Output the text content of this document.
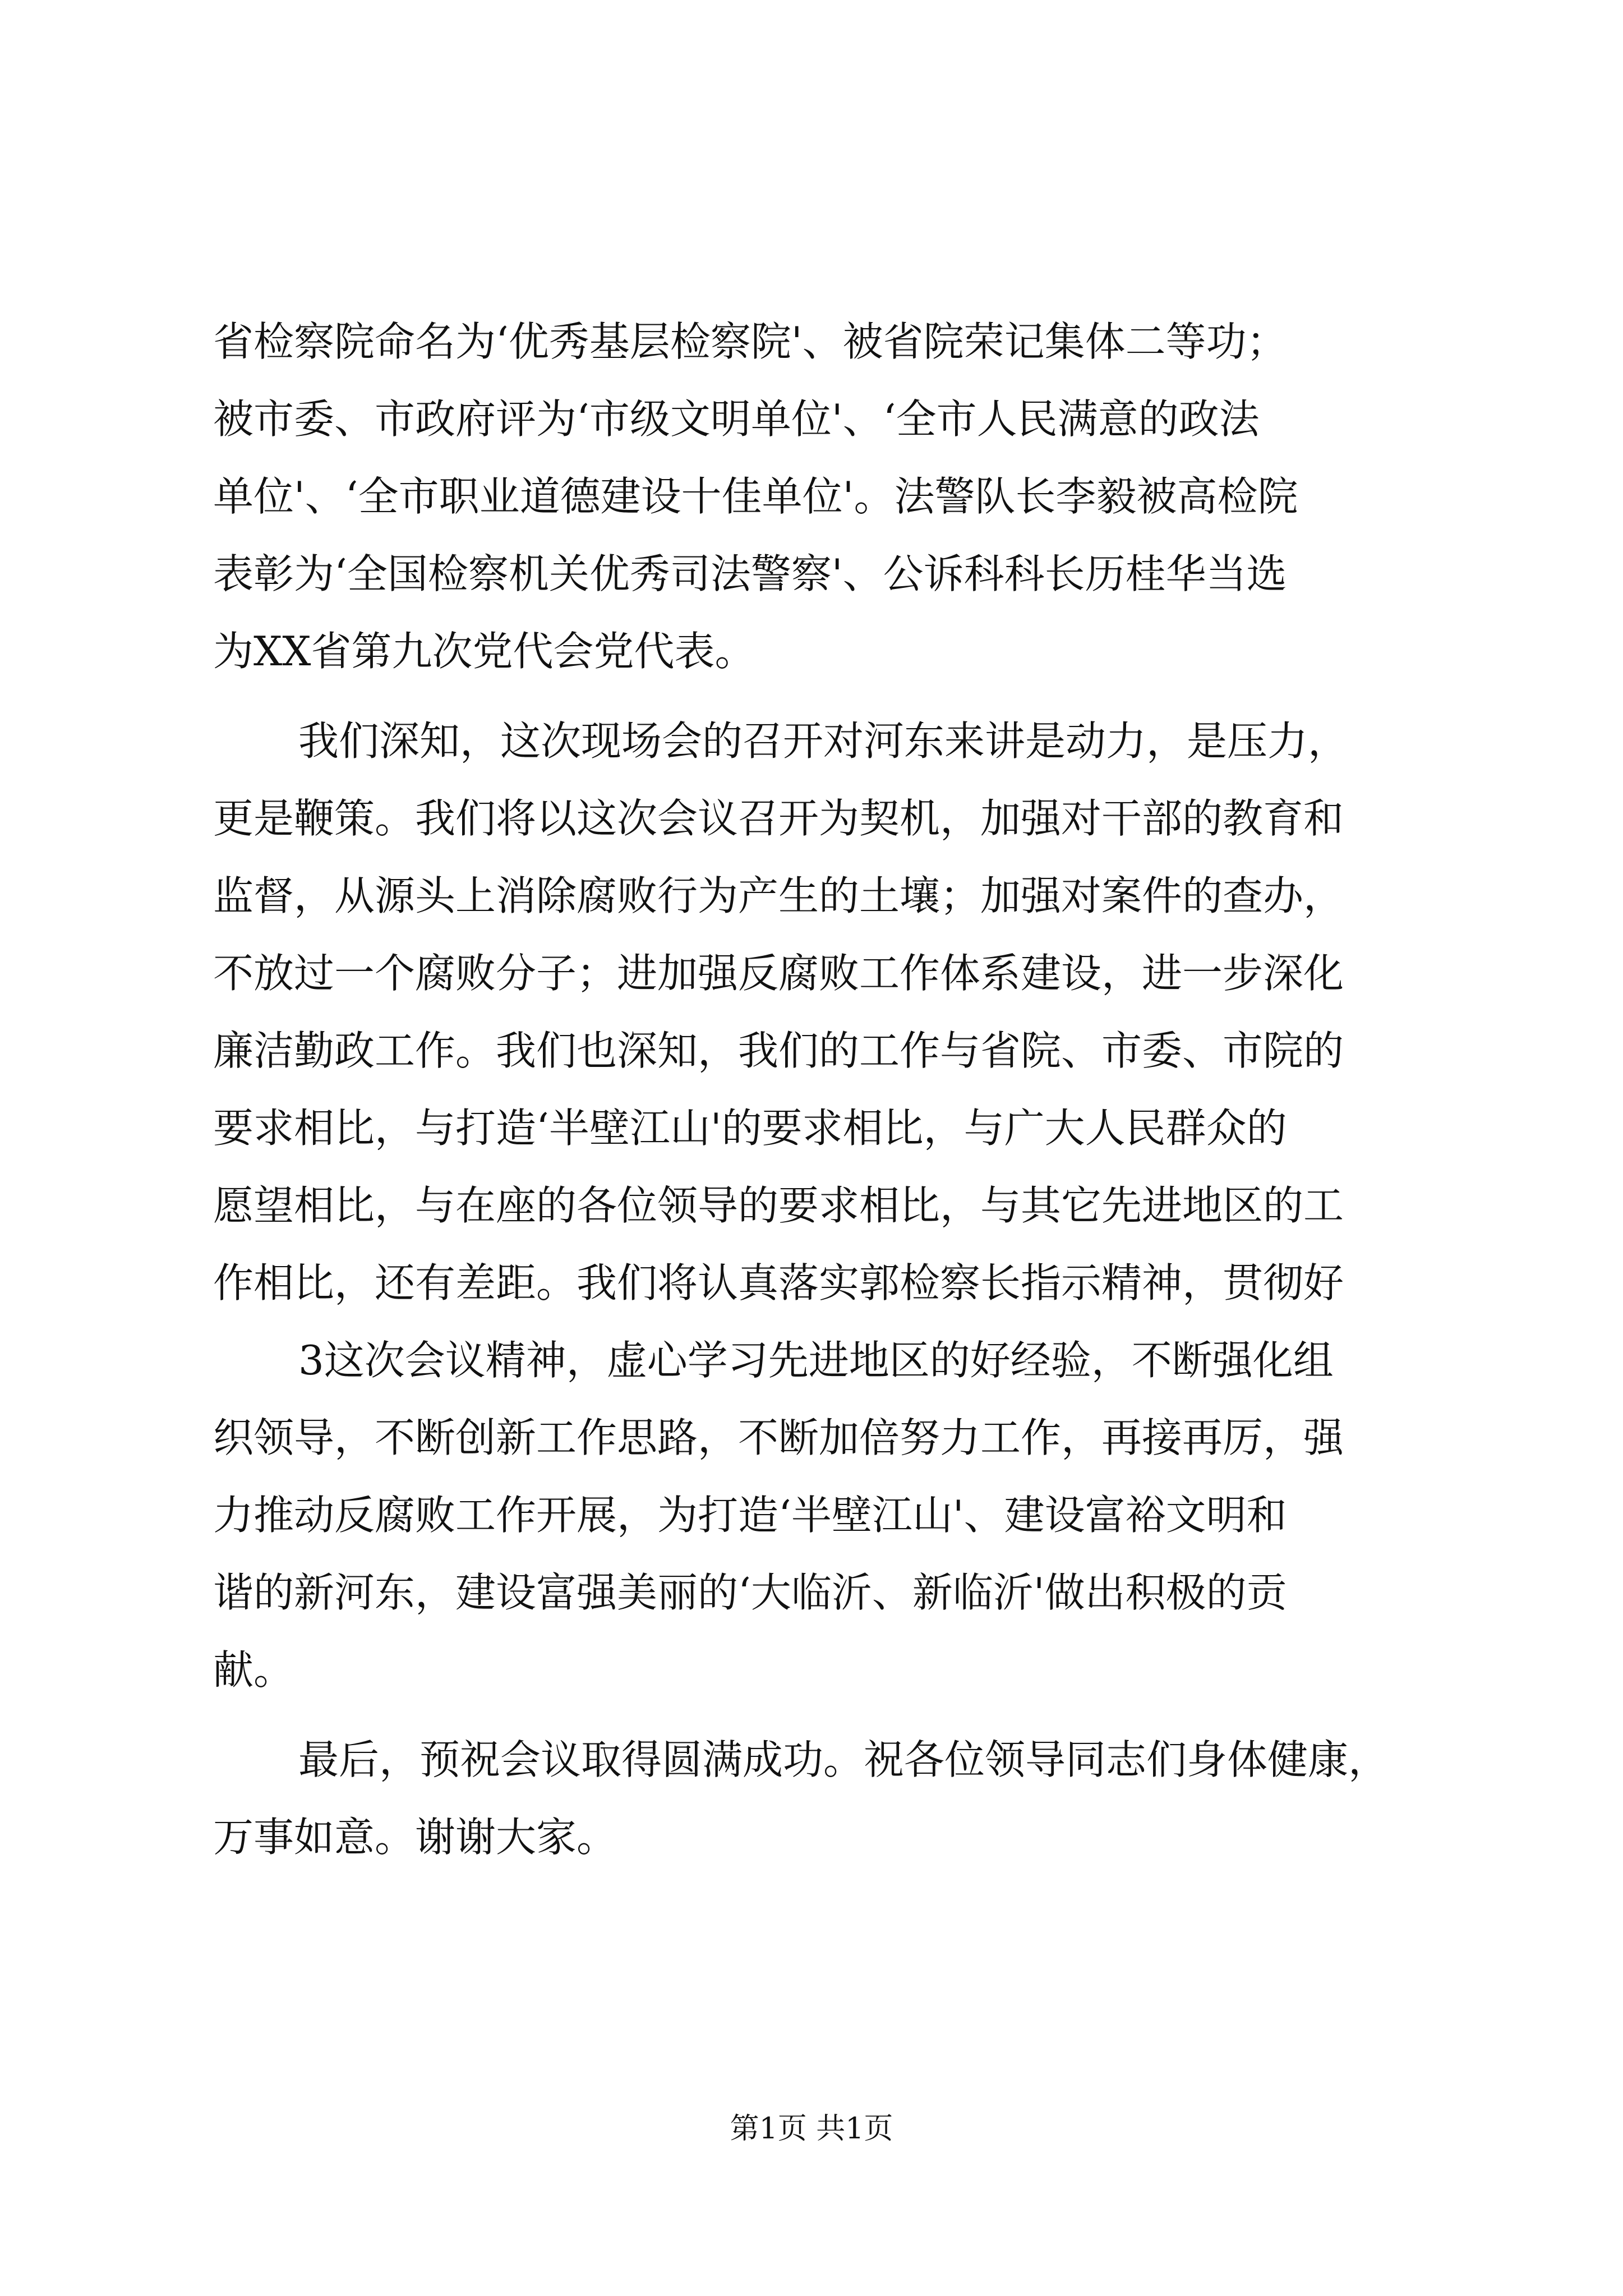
省检察院命名为‘优秀基层检察院'、被省院荣记集体二等功；

被市委、市政府评为‘市级文明单位'、‘全市人民满意的政法

单位'、‘全市职业道德建设十佳单位'。法警队长李毅被高检院

表彰为‘全国检察机关优秀司法警察'、公诉科科长历桂华当选

为XX省第九次党代会党代表。

我们深知，这次现场会的召开对河东来讲是动力，是压力，

更是鞭策。我们将以这次会议召开为契机，加强对干部的教育和

监督，从源头上消除腐败行为产生的土壤；加强对案件的查办，

不放过一个腐败分子；进加强反腐败工作体系建设，进一步深化

廉洁勤政工作。我们也深知，我们的工作与省院、市委、市院的

要求相比，与打造‘半壁江山'的要求相比，与广大人民群众的

愿望相比，与在座的各位领导的要求相比，与其它先进地区的工

作相比，还有差距。我们将认真落实郭检察长指示精神，贯彻好

3这次会议精神，虚心学习先进地区的好经验，不断强化组

织领导，不断创新工作思路，不断加倍努力工作，再接再厉，强

力推动反腐败工作开展，为打造‘半壁江山'、建设富裕文明和

谐的新河东，建设富强美丽的‘大临沂、新临沂'做出积极的贡

献。

最后，预祝会议取得圆满成功。祝各位领导同志们身体健康，

万事如意。谢谢大家。

第1页 共1页
